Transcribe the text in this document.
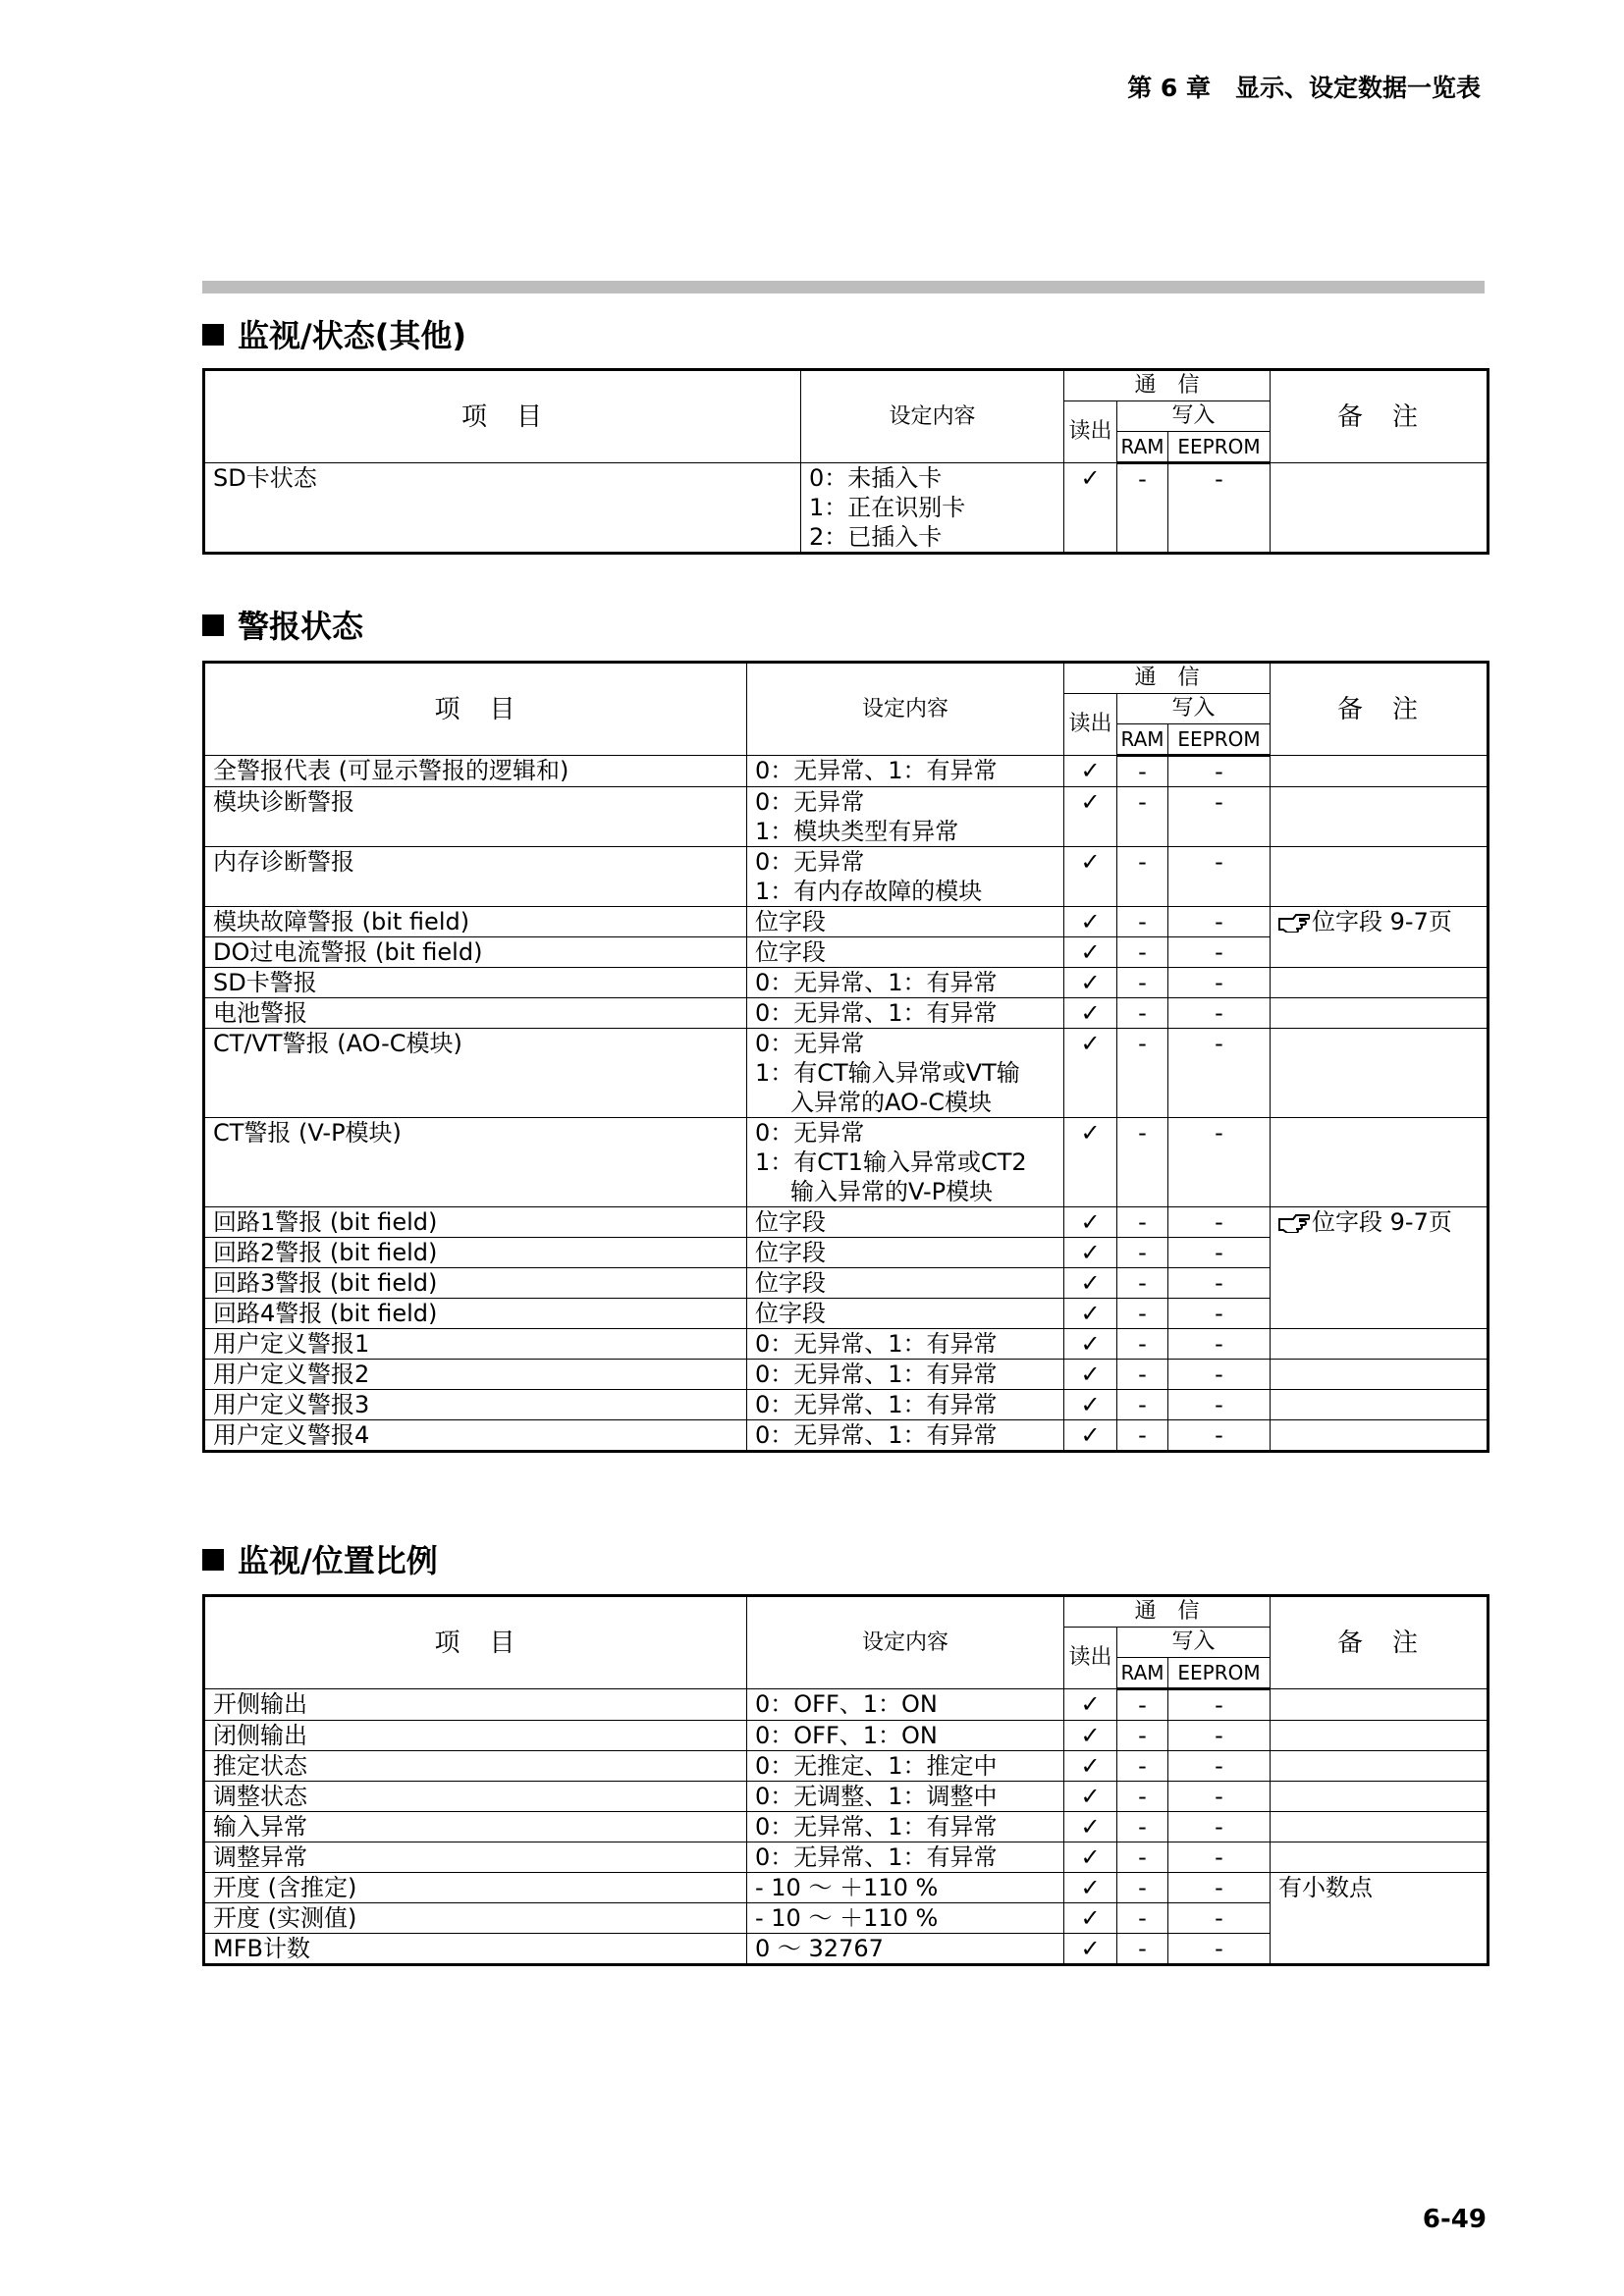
第 6 章　显示、设定数据一览表
监视/状态(其他)
项　目	设定内容	通　信			备　注
		读出	写入		
			RAM	EEPROM	
SD卡状态	0：未插入卡
1：正在识别卡
2：已插入卡	✓	-	-	
警报状态
项　目	设定内容	通　信			备　注
		读出	写入		
			RAM	EEPROM	
全警报代表 (可显示警报的逻辑和)	0：无异常、1：有异常	✓	-	-	
模块诊断警报	0：无异常
1：模块类型有异常	✓	-	-	
内存诊断警报	0：无异常
1：有内存故障的模块	✓	-	-	
模块故障警报 (bit field)	位字段	✓	-	-	位字段 9-7页
DO过电流警报 (bit field)	位字段	✓	-	-	
SD卡警报	0：无异常、1：有异常	✓	-	-	
电池警报	0：无异常、1：有异常	✓	-	-	
CT/VT警报 (AO-C模块)	0：无异常
1：有CT输入异常或VT输
入异常的AO-C模块	✓	-	-	
CT警报 (V-P模块)	0：无异常
1：有CT1输入异常或CT2
输入异常的V-P模块	✓	-	-	
回路1警报 (bit field)	位字段	✓	-	-	位字段 9-7页
回路2警报 (bit field)	位字段	✓	-	-	
回路3警报 (bit field)	位字段	✓	-	-	
回路4警报 (bit field)	位字段	✓	-	-	
用户定义警报1	0：无异常、1：有异常	✓	-	-	
用户定义警报2	0：无异常、1：有异常	✓	-	-	
用户定义警报3	0：无异常、1：有异常	✓	-	-	
用户定义警报4	0：无异常、1：有异常	✓	-	-	
监视/位置比例
项　目	设定内容	通　信			备　注
		读出	写入		
			RAM	EEPROM	
开侧输出	0：OFF、1：ON	✓	-	-	
闭侧输出	0：OFF、1：ON	✓	-	-	
推定状态	0：无推定、1：推定中	✓	-	-	
调整状态	0：无调整、1：调整中	✓	-	-	
输入异常	0：无异常、1：有异常	✓	-	-	
调整异常	0：无异常、1：有异常	✓	-	-	
开度 (含推定)	- 10 ～ ＋110 %	✓	-	-	有小数点
开度 (实测值)	- 10 ～ ＋110 %	✓	-	-	
MFB计数	0 ～ 32767	✓	-	-	
6-49
